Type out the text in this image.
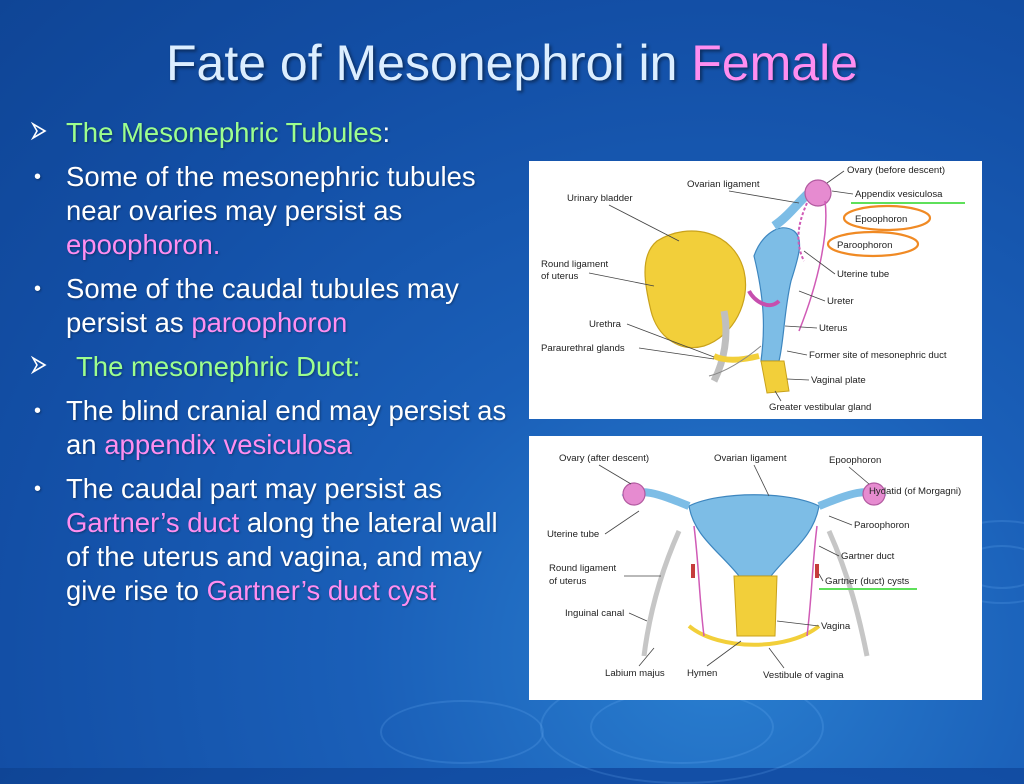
Fate of Mesonephroi in Female
The Mesonephric Tubules:
• Some of the mesonephric tubules near ovaries may persist as epoophoron.
• Some of the caudal tubules may persist as paroophoron
The mesonephric Duct:
• The blind cranial end may persist as an appendix vesiculosa
• The caudal part may persist as Gartner’s duct along the lateral wall of the uterus and vagina, and may give rise to Gartner’s duct cyst
Ovary (before descent)
Appendix vesiculosa
Epoophoron
Paroophoron
Ovarian ligament
Urinary bladder
Round ligament
of uterus	Uterine tube
Ureter
Uterus
Urethra
Paraurethral glands
Former site of mesonephric duct
Vaginal plate
Greater vestibular gland
Ovary (after descent)	Ovarian ligament	Epoophoron
Hydatid (of Morgagni)
Uterine tube
Paroophoron
Round ligament
of uterus
Gartner duct
Gartner (duct) cysts
Inguinal canal
Vagina
Labium majus Hymen	Vestibule of vagina
